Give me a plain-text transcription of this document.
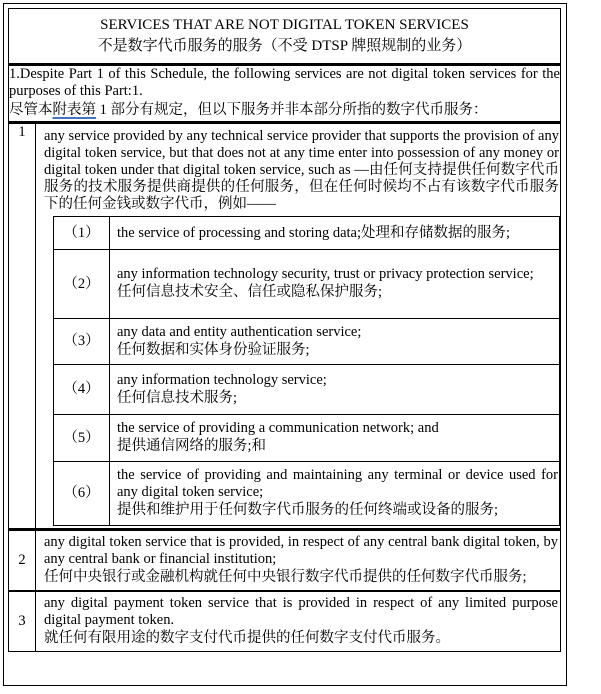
SERVICES THAT ARE NOT DIGITAL TOKEN SERVICES
不是数字代币服务的服务（不受 DTSP 牌照规制的业务）

1.Despite Part 1 of this Schedule, the following services are not digital token services for the purposes of this Part:1.
尽管本附表第 1 部分有规定，但以下服务并非本部分所指的数字代币服务：

1	any service provided by any technical service provider that supports the provision of any digital token service, but that does not at any time enter into possession of any money or digital token under that digital token service, such as —由任何支持提供任何数字代币服务的技术服务提供商提供的任何服务，但在任何时候均不占有该数字代币服务下的任何金钱或数字代币，例如——
（1）	the service of processing and storing data;处理和存储数据的服务;
（2）	any information technology security, trust or privacy protection service;
任何信息技术安全、信任或隐私保护服务;

（3）	any data and entity authentication service;
任何数据和实体身份验证服务;

（4）	any information technology service;
任何信息技术服务;

（5）	the service of providing a communication network; and
提供通信网络的服务;和

（6）	the service of providing and maintaining any terminal or device used for any digital token service;
提供和维护用于任何数字代币服务的任何终端或设备的服务;

2	
any digital token service that is provided, in respect of any central bank digital token, by any central bank or financial institution;
任何中央银行或金融机构就任何中央银行数字代币提供的任何数字代币服务;

3	
any digital payment token service that is provided in respect of any limited purpose digital payment token.
就任何有限用途的数字支付代币提供的任何数字支付代币服务。
